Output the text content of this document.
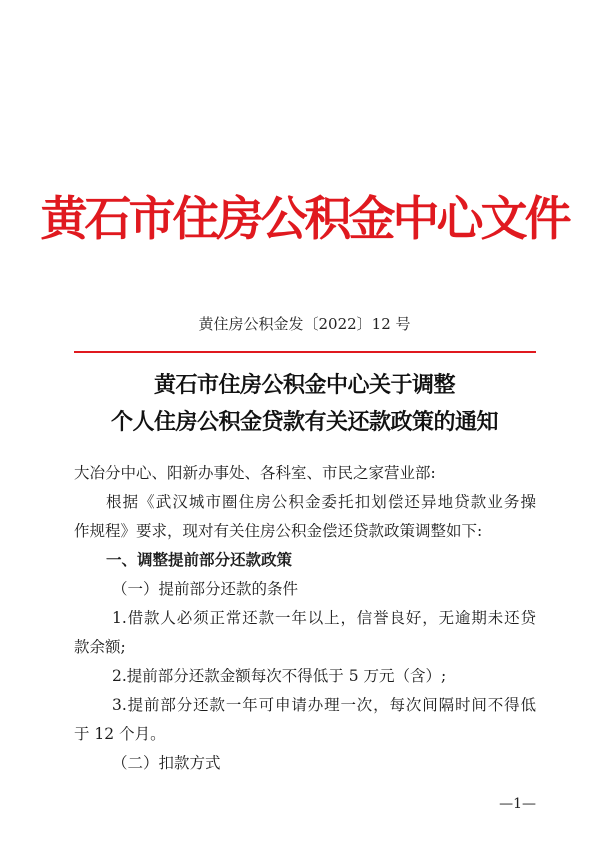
黄石市住房公积金中心文件
黄住房公积金发〔2022〕12 号
黄石市住房公积金中心关于调整
个人住房公积金贷款有关还款政策的通知
大冶分中心、阳新办事处、各科室、市民之家营业部:
根据《武汉城市圈住房公积金委托扣划偿还异地贷款业务操
作规程》要求，现对有关住房公积金偿还贷款政策调整如下:
一、调整提前部分还款政策
（一）提前部分还款的条件
1.借款人必须正常还款一年以上，信誉良好，无逾期未还贷
款余额;
2.提前部分还款金额每次不得低于 5 万元（含）;
3.提前部分还款一年可申请办理一次，每次间隔时间不得低
于 12 个月。
（二）扣款方式
—1—
